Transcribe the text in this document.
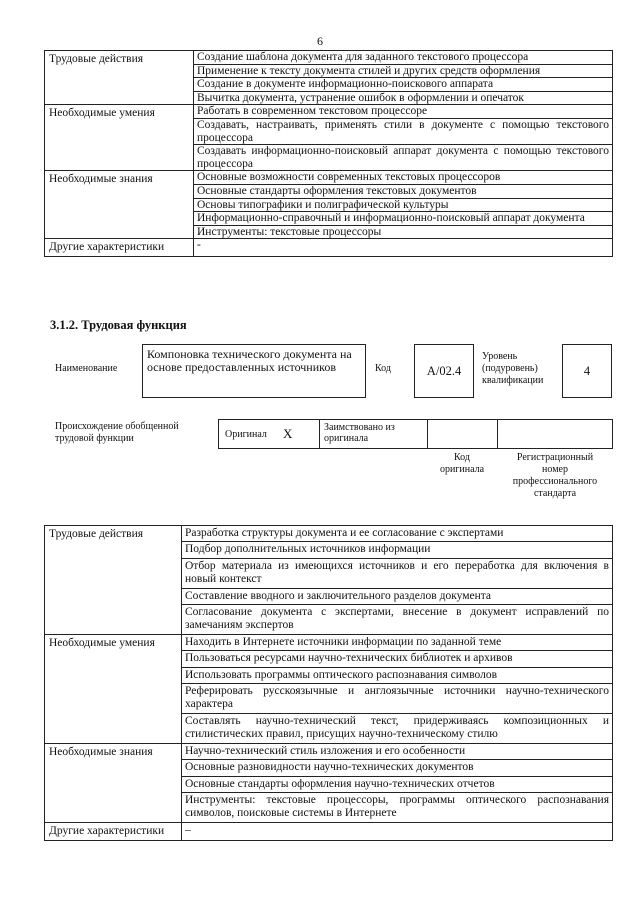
6
Трудовые действия	Создание шаблона документа для заданного текстового процессора
	Применение к тексту документа стилей и других средств оформления
	Создание в документе информационно-поискового аппарата
	Вычитка документа, устранение ошибок в оформлении и опечаток
Необходимые умения	Работать в современном текстовом процессоре
	Создавать, настраивать, применять стили в документе с помощью текстового процессора
	Создавать информационно-поисковый аппарат документа с помощью текстового процессора
Необходимые знания	Основные возможности современных текстовых процессоров
	Основные стандарты оформления текстовых документов
	Основы типографики и полиграфической культуры
	Информационно-справочный и информационно-поисковый аппарат документа
	Инструменты: текстовые процессоры
Другие характеристики	-
3.1.2. Трудовая функция
Наименование
Компоновка технического документа на основе предоставленных источников	Код	А/02.4
Уровень
(подуровень)
квалификации
4
Происхождение обобщенной
трудовой функции	Оригинал X	Заимствовано из
оригинала
Код
оригинала
Регистрационный
номер
профессионального
стандарта
Трудовые действия	Разработка структуры документа и ее согласование с экспертами
	Подбор дополнительных источников информации
	Отбор материала из имеющихся источников и его переработка для включения в новый контекст
	Составление вводного и заключительного разделов документа
	Согласование документа с экспертами, внесение в документ исправлений по замечаниям экспертов
Необходимые умения	Находить в Интернете источники информации по заданной теме
	Пользоваться ресурсами научно-технических библиотек и архивов
	Использовать программы оптического распознавания символов
	Реферировать русскоязычные и англоязычные источники научно-технического характера
	Составлять научно-технический текст, придерживаясь композиционных и стилистических правил, присущих научно-техническому стилю
Необходимые знания	Научно-технический стиль изложения и его особенности
	Основные разновидности научно-технических документов
	Основные стандарты оформления научно-технических отчетов
	Инструменты: текстовые процессоры, программы оптического распознавания символов, поисковые системы в Интернете
Другие характеристики	–
